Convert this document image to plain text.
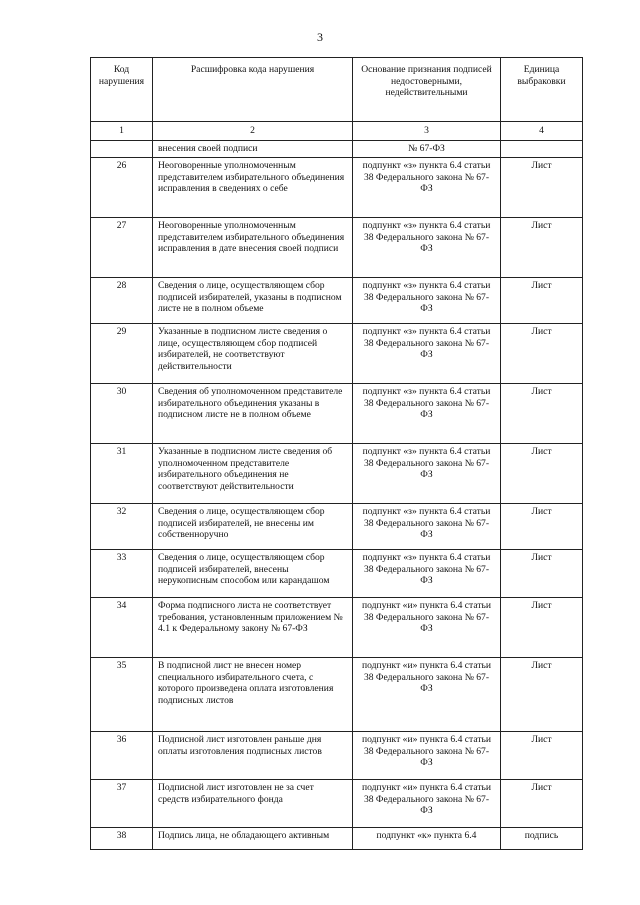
3
Код нарушения	Расшифровка кода нарушения	Основание признания подписей недостоверными, недействительными	Единица выбраковки
1	2	3	4
	внесения своей подписи	№ 67-ФЗ	
26	Неоговоренные уполномоченным представителем избирательного объединения исправления в сведениях о себе	подпункт «з» пункта 6.4 статьи 38 Федерального закона № 67-ФЗ	Лист
27	Неоговоренные уполномоченным представителем избирательного объединения исправления в дате внесения своей подписи	подпункт «з» пункта 6.4 статьи 38 Федерального закона № 67-ФЗ	Лист
28	Сведения о лице, осуществляющем сбор подписей избирателей, указаны в подписном листе не в полном объеме	подпункт «з» пункта 6.4 статьи 38 Федерального закона № 67-ФЗ	Лист
29	Указанные в подписном листе сведения о лице, осуществляющем сбор подписей избирателей, не соответствуют действительности	подпункт «з» пункта 6.4 статьи 38 Федерального закона № 67-ФЗ	Лист
30	Сведения об уполномоченном представителе избирательного объединения указаны в подписном листе не в полном объеме	подпункт «з» пункта 6.4 статьи 38 Федерального закона № 67-ФЗ	Лист
31	Указанные в подписном листе сведения об уполномоченном представителе избирательного объединения не соответствуют действительности	подпункт «з» пункта 6.4 статьи 38 Федерального закона № 67-ФЗ	Лист
32	Сведения о лице, осуществляющем сбор подписей избирателей, не внесены им собственноручно	подпункт «з» пункта 6.4 статьи 38 Федерального закона № 67-ФЗ	Лист
33	Сведения о лице, осуществляющем сбор подписей избирателей, внесены нерукописным способом или карандашом	подпункт «з» пункта 6.4 статьи 38 Федерального закона № 67-ФЗ	Лист
34	Форма подписного листа не соответствует требования, установленным приложением № 4.1 к Федеральному закону № 67-ФЗ	подпункт «и» пункта 6.4 статьи 38 Федерального закона № 67-ФЗ	Лист
35	В подписной лист не внесен номер специального избирательного счета, с которого произведена оплата изготовления подписных листов	подпункт «и» пункта 6.4 статьи 38 Федерального закона № 67-ФЗ	Лист
36	Подписной лист изготовлен раньше дня оплаты изготовления подписных листов	подпункт «и» пункта 6.4 статьи 38 Федерального закона № 67-ФЗ	Лист
37	Подписной лист изготовлен не за счет средств избирательного фонда	подпункт «и» пункта 6.4 статьи 38 Федерального закона № 67-ФЗ	Лист
38	Подпись лица, не обладающего активным	подпункт «к» пункта 6.4	подпись
